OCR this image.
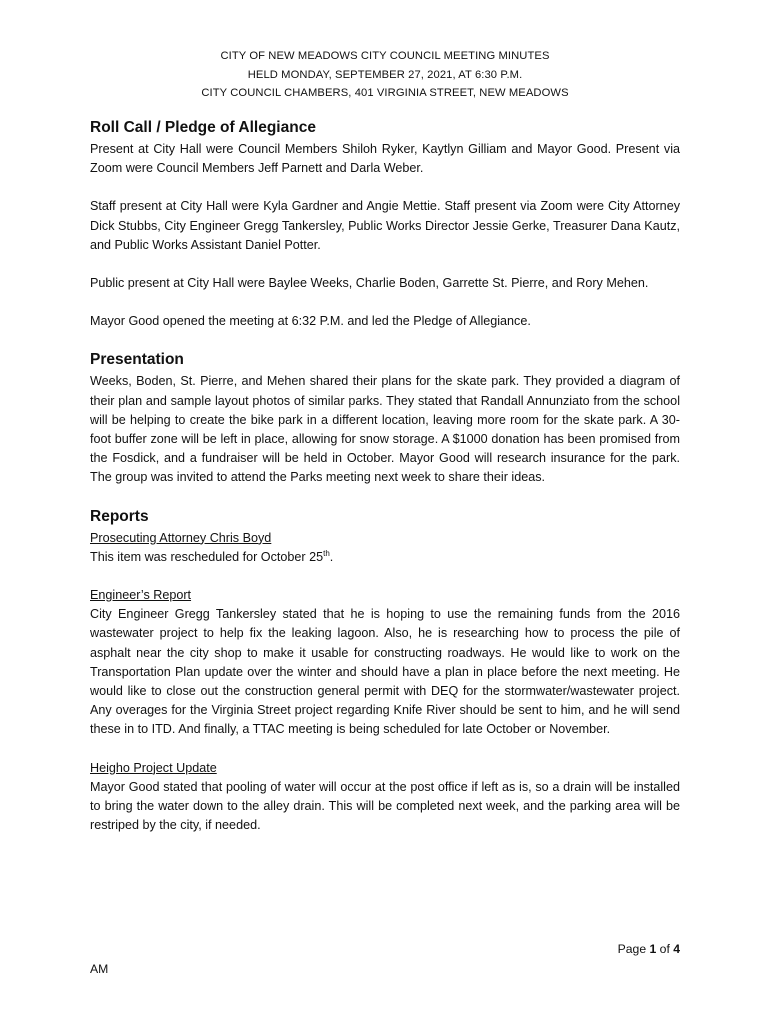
CITY OF NEW MEADOWS CITY COUNCIL MEETING MINUTES
HELD MONDAY, SEPTEMBER 27, 2021, AT 6:30 P.M.
CITY COUNCIL CHAMBERS, 401 VIRGINIA STREET, NEW MEADOWS
Roll Call / Pledge of Allegiance

Present at City Hall were Council Members Shiloh Ryker, Kaytlyn Gilliam and Mayor Good. Present via Zoom were Council Members Jeff Parnett and Darla Weber.

Staff present at City Hall were Kyla Gardner and Angie Mettie. Staff present via Zoom were City Attorney Dick Stubbs, City Engineer Gregg Tankersley, Public Works Director Jessie Gerke, Treasurer Dana Kautz, and Public Works Assistant Daniel Potter.

Public present at City Hall were Baylee Weeks, Charlie Boden, Garrette St. Pierre, and Rory Mehen.

Mayor Good opened the meeting at 6:32 P.M. and led the Pledge of Allegiance.

Presentation

Weeks, Boden, St. Pierre, and Mehen shared their plans for the skate park. They provided a diagram of their plan and sample layout photos of similar parks. They stated that Randall Annunziato from the school will be helping to create the bike park in a different location, leaving more room for the skate park. A 30-foot buffer zone will be left in place, allowing for snow storage. A $1000 donation has been promised from the Fosdick, and a fundraiser will be held in October. Mayor Good will research insurance for the park. The group was invited to attend the Parks meeting next week to share their ideas.

Reports

Prosecuting Attorney Chris Boyd

This item was rescheduled for October 25th.

Engineer’s Report

City Engineer Gregg Tankersley stated that he is hoping to use the remaining funds from the 2016 wastewater project to help fix the leaking lagoon. Also, he is researching how to process the pile of asphalt near the city shop to make it usable for constructing roadways. He would like to work on the Transportation Plan update over the winter and should have a plan in place before the next meeting. He would like to close out the construction general permit with DEQ for the stormwater/wastewater project. Any overages for the Virginia Street project regarding Knife River should be sent to him, and he will send these in to ITD. And finally, a TTAC meeting is being scheduled for late October or November.

Heigho Project Update

Mayor Good stated that pooling of water will occur at the post office if left as is, so a drain will be installed to bring the water down to the alley drain. This will be completed next week, and the parking area will be restriped by the city, if needed.

Page 1 of 4
AM
